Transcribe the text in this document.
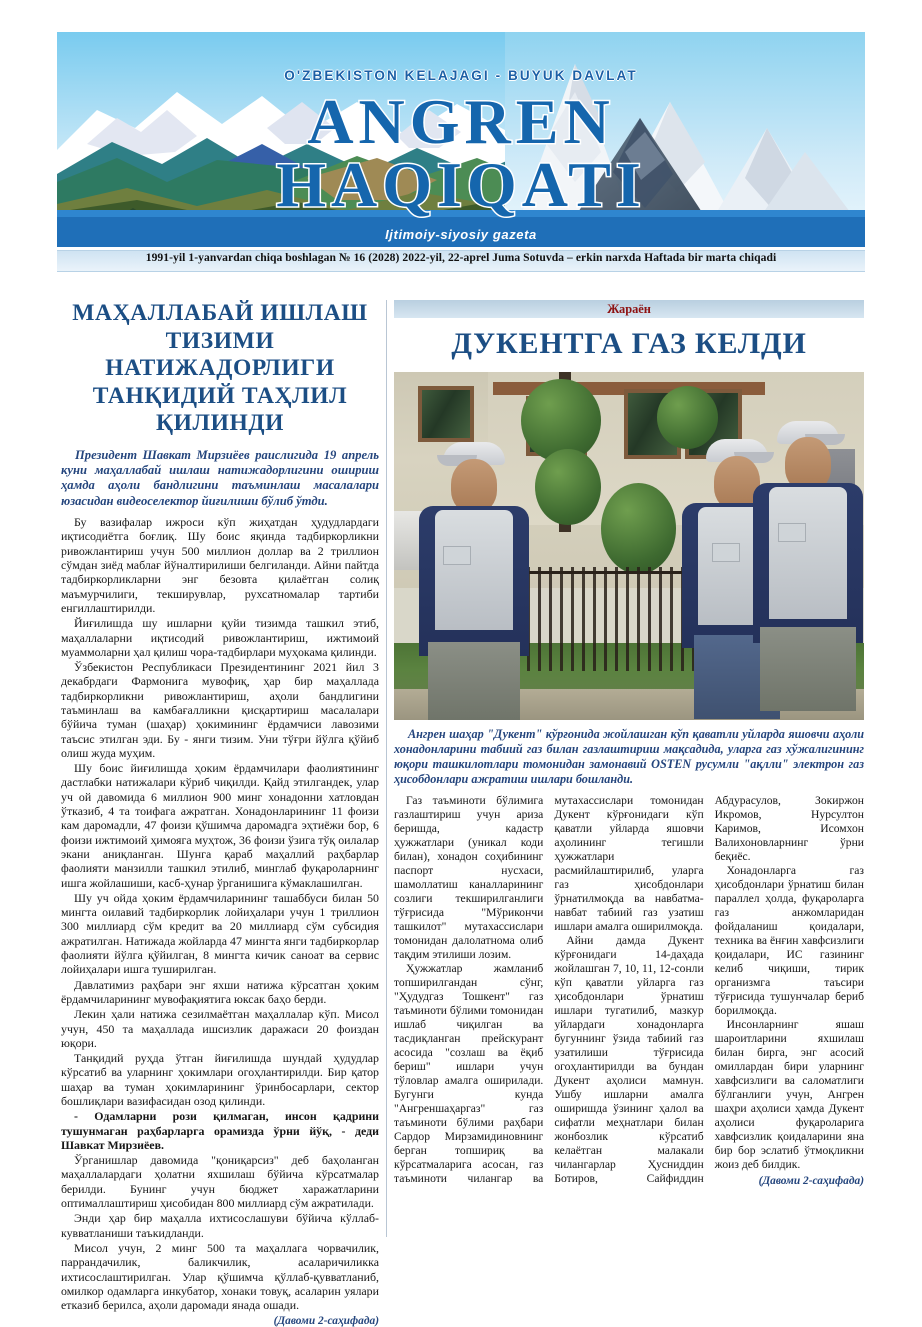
O'ZBEKISTON KELAJAGI - BUYUK DAVLAT
ANGREN
HAQIQATI
Ijtimoiy-siyosiy gazeta
1991-yil 1-yanvardan chiqa boshlagan № 16 (2028) 2022-yil, 22-aprel Juma Sotuvda – erkin narxda Haftada bir marta chiqadi
МАҲАЛЛАБАЙ ИШЛАШ ТИЗИМИ НАТИЖАДОРЛИГИ ТАНҚИДИЙ ТАҲЛИЛ ҚИЛИНДИ

Президент Шавкат Мирзиёев раислигида 19 апрель куни маҳаллабай ишлаш натижадорлигини ошириш ҳамда аҳоли бандлигини таъминлаш масалалари юзасидан видеоселектор йиғилиши бўлиб ўтди.

Бу вазифалар ижроси кўп жиҳатдан ҳудудлардаги иқтисодиётга боғлиқ. Шу боис яқинда тадбиркорликни ривожлантириш учун 500 миллион доллар ва 2 триллион сўмдан зиёд маблағ йўналтирилиши белгиланди. Айни пайтда тадбиркорликларни энг безовта қилаётган солиқ маъмурчилиги, текширувлар, рухсатномалар тартиби енгиллаштирилди.

Йиғилишда шу ишларни қуйи тизимда ташкил этиб, маҳаллаларни иқтисодий ривожлантириш, ижтимоий муаммоларни ҳал қилиш чора-тадбирлари муҳокама қилинди.

Ўзбекистон Республикаси Президентининг 2021 йил 3 декабрдаги Фармонига мувофиқ, ҳар бир маҳаллада тадбиркорликни ривожлантириш, аҳоли бандлигини таъминлаш ва камбағалликни қисқартириш масалалари бўйича туман (шаҳар) ҳокимининг ёрдамчиси лавозими таъсис этилган эди. Бу - янги тизим. Уни тўғри йўлга қўйиб олиш жуда муҳим.

Шу боис йиғилишда ҳоким ёрдамчилари фаолиятининг дастлабки натижалари кўриб чиқилди. Қайд этилгандек, улар уч ой давомида 6 миллион 900 минг хонадонни хатловдан ўтказиб, 4 та тоифага ажратган. Хонадонларининг 11 фоизи кам даромадли, 47 фоизи қўшимча даромадга эҳтиёжи бор, 6 фоизи ижтимоий ҳимояга муҳтож, 36 фоизи ўзига тўқ оилалар экани аниқланган. Шунга қараб маҳаллий раҳбарлар фаолияти манзилли ташкил этилиб, минглаб фуқароларнинг ишга жойлашиши, касб-ҳунар ўрганишига кўмаклашилган.

Шу уч ойда ҳоким ёрдамчиларининг ташаббуси билан 50 мингта оилавий тадбиркорлик лойиҳалари учун 1 триллион 300 миллиард сўм кредит ва 20 миллиард сўм субсидия ажратилган. Натижада жойларда 47 мингта янги тадбиркорлар фаолияти йўлга қўйилган, 8 мингта кичик саноат ва сервис лойиҳалари ишга туширилган.

Давлатимиз раҳбари энг яхши натижа кўрсатган ҳоким ёрдамчиларининг мувофақиятига юксак баҳо берди.

Лекин ҳали натижа сезилмаётган маҳаллалар кўп. Мисол учун, 450 та маҳаллада ишсизлик даражаси 20 фоиздан юқори.

Танқидий руҳда ўтган йиғилишда шундай ҳудудлар кўрсатиб ва уларнинг ҳокимлари огоҳлантирилди. Бир қатор шаҳар ва туман ҳокимларининг ўринбосарлари, сектор бошлиқлари вазифасидан озод қилинди.

- Одамларни рози қилмаган, инсон қадрини тушунмаган раҳбарларга орамизда ўрни йўқ, - деди Шавкат Мирзиёев.

Ўрганишлар давомида "қониқарсиз" деб баҳоланган маҳаллалардаги ҳолатни яхшилаш бўйича кўрсатмалар берилди. Бунинг учун бюджет харажатларини оптималлаштириш ҳисобидан 800 миллиард сўм ажратилади.

Энди ҳар бир маҳалла ихтисослашуви бўйича кўллаб-кувватланиши таъкидланди.

Мисол учун, 2 минг 500 та маҳаллага чорвачилик, паррандачилик, баликчилик, асаларичиликка ихтисослаштирилган. Улар қўшимча қўллаб-қувватланиб, омилкор одамларга инкубатор, хонаки товуқ, асаларин уялари етказиб берилса, аҳоли даромади янада ошади.

(Давоми 2-саҳифада)
Жараён
ДУКЕНТГА ГАЗ КЕЛДИ

Ангрен шаҳар "Дукент" кўрғонида жойлашган кўп қаватли уйларда яшовчи аҳоли хонадонларини табиий газ билан газлаштириш мақсадида, уларга газ хўжалигининг юқори ташкилотлари томонидан замонавий OSTEN русумли "ақлли" электрон газ ҳисобдонлари ажратиш ишлари бошланди.

Газ таъминоти бўлимига газлаштириш учун ариза беришда, кадастр ҳужжатлари (уникал коди билан), хонадон соҳибининг паспорт нусхаси, шамоллатиш каналларининг созлиги текширилганлиги тўғрисида "Мўрикончи ташкилот" мутахассислари томонидан далолатнома олиб тақдим этилиши лозим.

Ҳужжатлар жамланиб топширилгандан сўнг, "Ҳудудгаз Тошкент" газ таъминоти бўлими томонидан ишлаб чиқилган ва тасдиқланган прейскурант асосида "созлаш ва ёқиб бериш" ишлари учун тўловлар амалга оширилади. Бугунги кунда "Ангреншаҳаргаз" газ таъминоти бўлими раҳбари Сардор Мирзамидиновнинг берган топшириқ ва кўрсатмаларига асосан, газ таъминоти чилангар ва мутахассислари томонидан Дукент кўрғонидаги кўп қаватли уйларда яшовчи аҳолининг тегишли ҳужжатлари расмийлаштирилиб, уларга газ ҳисобдонлари ўрнатилмоқда ва навбатма-навбат табиий газ узатиш ишлари амалга оширилмоқда.

Айни дамда Дукент кўрғонидаги 14-даҳада жойлашган 7, 10, 11, 12-сонли кўп қаватли уйларга газ ҳисобдонлари ўрнатиш ишлари тугатилиб, мазкур уйлардаги хонадонларга бугуннинг ўзида табиий газ узатилиши тўғрисида огоҳлантирилди ва бундан Дукент аҳолиси мамнун. Ушбу ишларни амалга оширишда ўзининг ҳалол ва сифатли меҳнатлари билан жонбозлик кўрсатиб келаётган малакали чилангарлар Ҳусниддин Ботиров, Сайфиддин Абдурасулов, Зокиржон Икромов, Нурсултон Каримов, Исомхон Валихоновларнинг ўрни беқиёс.

Хонадонларга газ ҳисобдонлари ўрнатиш билан параллел ҳолда, фуқароларга газ анжомларидан фойдаланиш қоидалари, техника ва ёнғин хавфсизлиги қоидалари, ИС газининг келиб чиқиши, тирик организмга таъсири тўғрисида тушунчалар бериб борилмоқда.

Инсонларнинг яшаш шароитларини яхшилаш билан бирга, энг асосий омиллардан бири уларнинг хавфсизлиги ва саломатлиги бўлганлиги учун, Ангрен шаҳри аҳолиси ҳамда Дукент аҳолиси фуқароларига хавфсизлик қоидаларини яна бир бор эслатиб ўтмоқликни жоиз деб билдик.

(Давоми 2-саҳифада)
